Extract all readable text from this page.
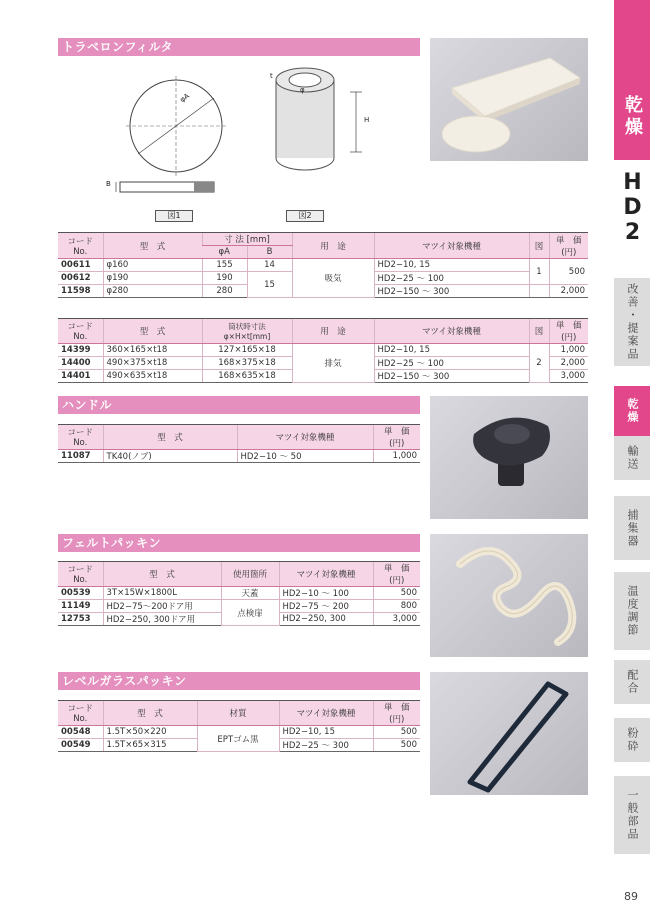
乾燥
HD2
改善・提案品
乾燥
輸送
捕集器
温度調節
配合
粉砕
一般部品
89
トラベロンフィルタ
φA
B
t
φ
H
図1	図2
コードNo.	型　式	寸 法 [mm]		用　途	マツイ対象機種	図	単　価(円)
		φA	B				
00611	φ160	155	14	吸気	HD2−10, 15	1	500
00612	φ190	190	15		HD2−25 〜 100		
11598	φ280	280			HD2−150 〜 300		2,000
コードNo.	型　式	筒状時寸法 φ×H×t[mm]	用　途	マツイ対象機種	図	単　価(円)
14399	360×165×t18	127×165×18	排気	HD2−10, 15	2	1,000
14400	490×375×t18	168×375×18		HD2−25 〜 100		2,000
14401	490×635×t18	168×635×18		HD2−150 〜 300		3,000
ハンドル
コードNo.	型　式	マツイ対象機種	単　価(円)
11087	TK40(ノブ)	HD2−10 〜 50	1,000
フェルトパッキン
コードNo.	型　式	使用箇所	マツイ対象機種	単　価(円)
00539	3T×15W×1800L	天蓋	HD2−10 〜 100	500
11149	HD2−75〜200ドア用	点検扉	HD2−75 〜 200	800
12753	HD2−250, 300ドア用		HD2−250, 300	3,000
レベルガラスパッキン
コードNo.	型　式	材質	マツイ対象機種	単　価(円)
00548	1.5T×50×220	EPTゴム黒	HD2−10, 15	500
00549	1.5T×65×315		HD2−25 〜 300	500
